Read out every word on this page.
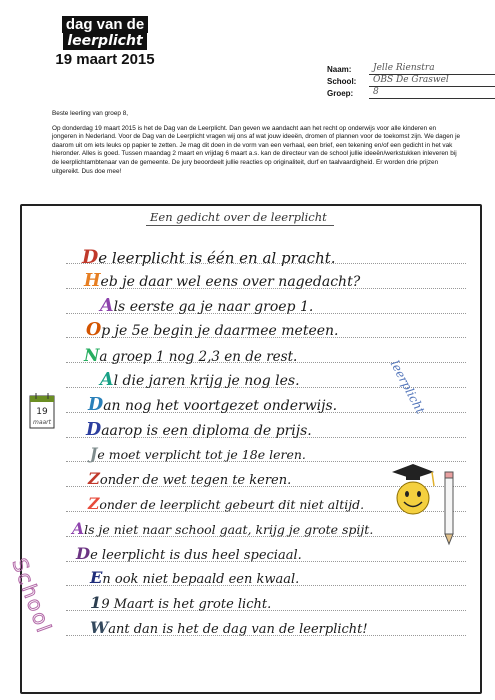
dag van de
leerplicht
19 maart 2015
Naam: Jelle Rienstra
School: OBS De Graswel
Groep: 8

Beste leerling van groep 8,

Op donderdag 19 maart 2015 is het de Dag van de Leerplicht. Dan geven we aandacht aan het recht op onderwijs voor alle kinderen en jongeren in Nederland. Voor de Dag van de Leerplicht vragen wij ons af wat jouw ideeën, dromen of plannen voor de toekomst zijn. We dagen je daarom uit om iets leuks op papier te zetten. Je mag dit doen in de vorm van een verhaal, een brief, een tekening en/of een gedicht in het vak hieronder. Alles is goed. Tussen maandag 2 maart en vrijdag 6 maart a.s. kan de directeur van de school jullie ideeën/werkstukken inleveren bij de leerplichtambtenaar van de gemeente. De jury beoordeelt jullie reacties op originaliteit, durf en taalvaardigheid. Er worden drie prijzen uitgereikt. Dus doe mee!

Een gedicht over de leerplicht
De leerplicht is één en al pracht.
Heb je daar wel eens over nagedacht?
Als eerste ga je naar groep 1.
Op je 5e begin je daarmee meteen.
Na groep 1 nog 2,3 en de rest.
Al die jaren krijg je nog les.
Dan nog het voortgezet onderwijs.
Daarop is een diploma de prijs.
Je moet verplicht tot je 18e leren.
Zonder de wet tegen te keren.
Zonder de leerplicht gebeurt dit niet altijd.
Als je niet naar school gaat, krijg je grote spijt.
De leerplicht is dus heel speciaal.
En ook niet bepaald een kwaal.
19 Maart is het grote licht.
Want dan is het de dag van de leerplicht!
leerplicht
School
19
maart
